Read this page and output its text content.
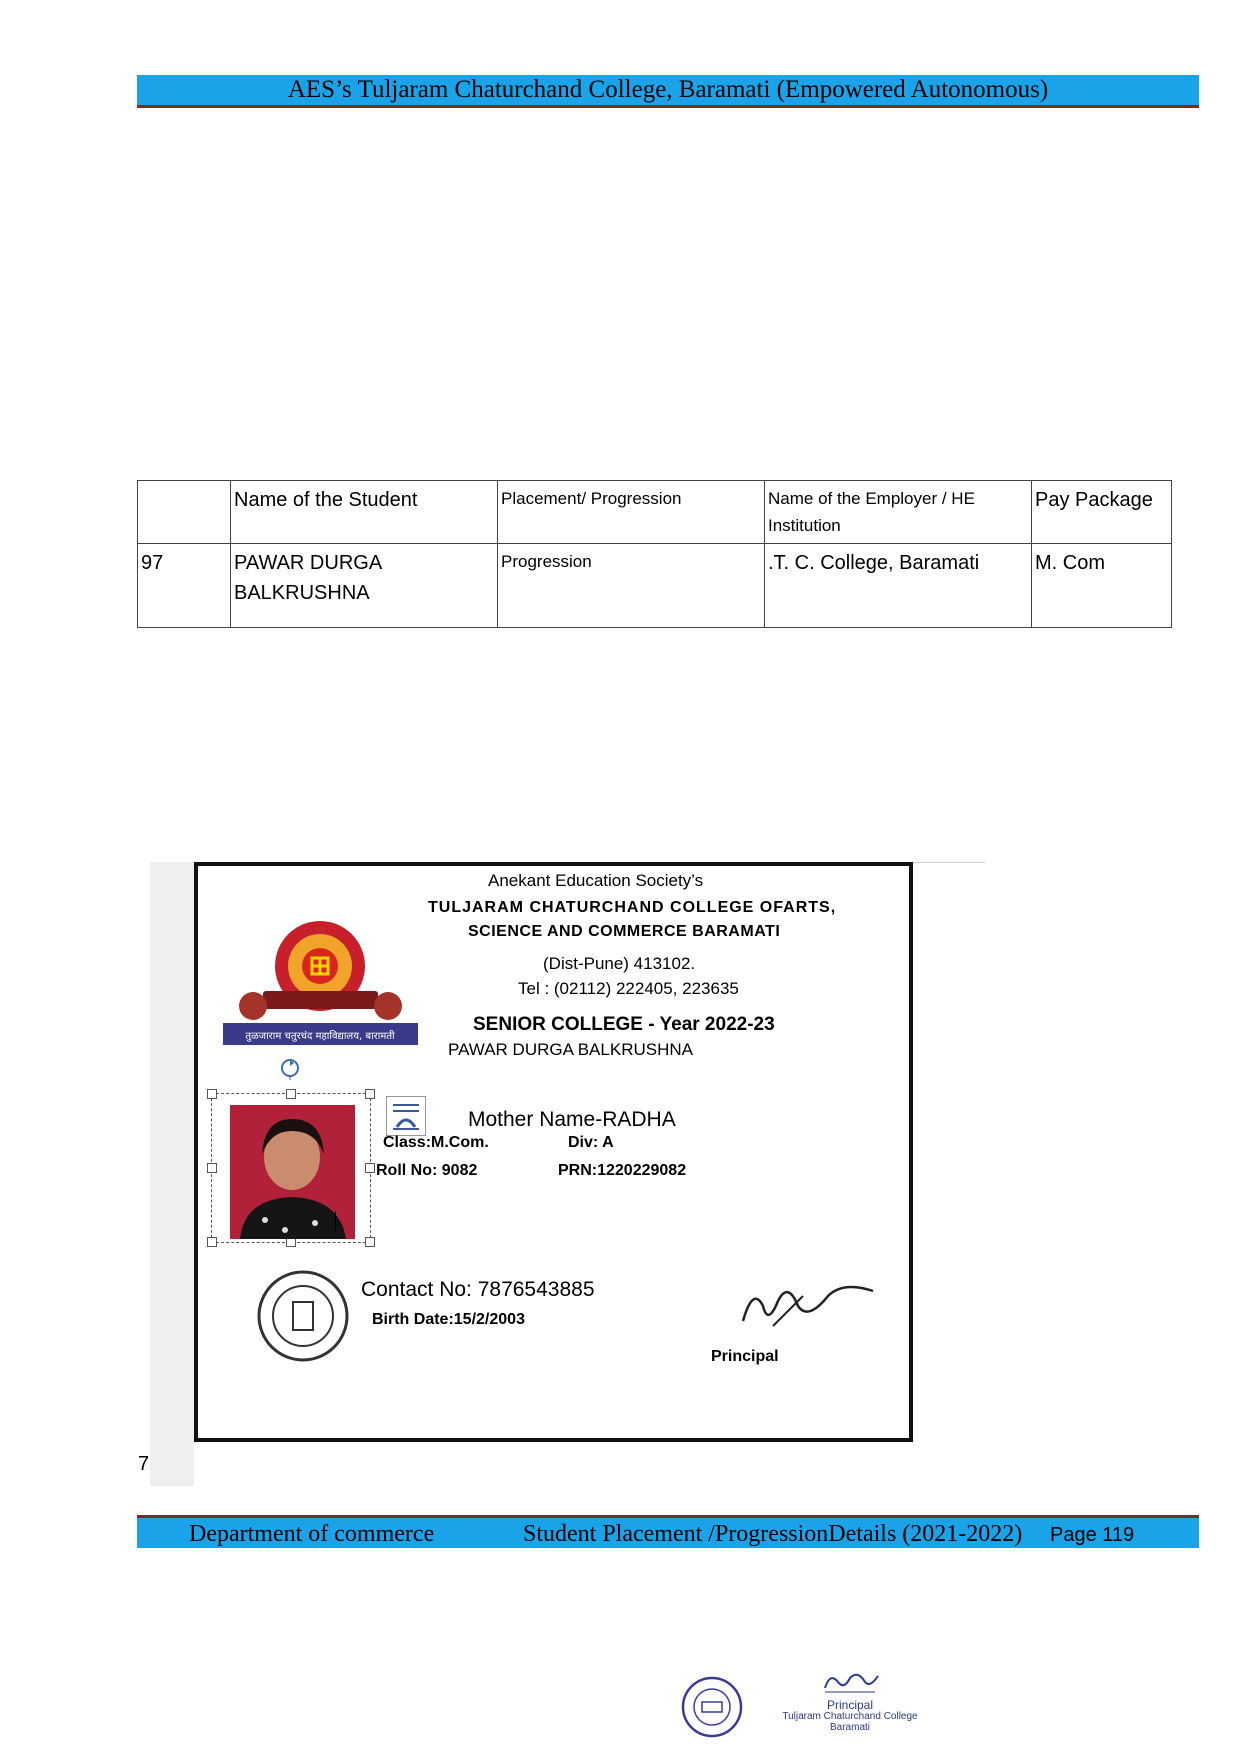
AES’s Tuljaram Chaturchand College, Baramati (Empowered Autonomous)
	Name of the Student	Placement/ Progression	Name of the Employer / HE Institution	Pay Package
97	PAWAR DURGA BALKRUSHNA	Progression	.T. C. College, Baramati	M. Com
तुळजाराम चतुरचंद महाविद्यालय, बारामती
Anekant Education Society’s
TULJARAM CHATURCHAND COLLEGE OFARTS,
SCIENCE AND COMMERCE BARAMATI
(Dist-Pune) 413102.
Tel : (02112) 222405, 223635
SENIOR COLLEGE - Year 2022-23
PAWAR DURGA BALKRUSHNA
Mother Name-RADHA
Class:M.Com.	Div: A
Roll No: 9082	PRN:1220229082
Contact No: 7876543885
Birth Date:15/2/2003
Principal
7
Department of commerce	Student Placement /ProgressionDetails (2021-2022) Page 119
Principal
Tuljaram Chaturchand College
Baramati
